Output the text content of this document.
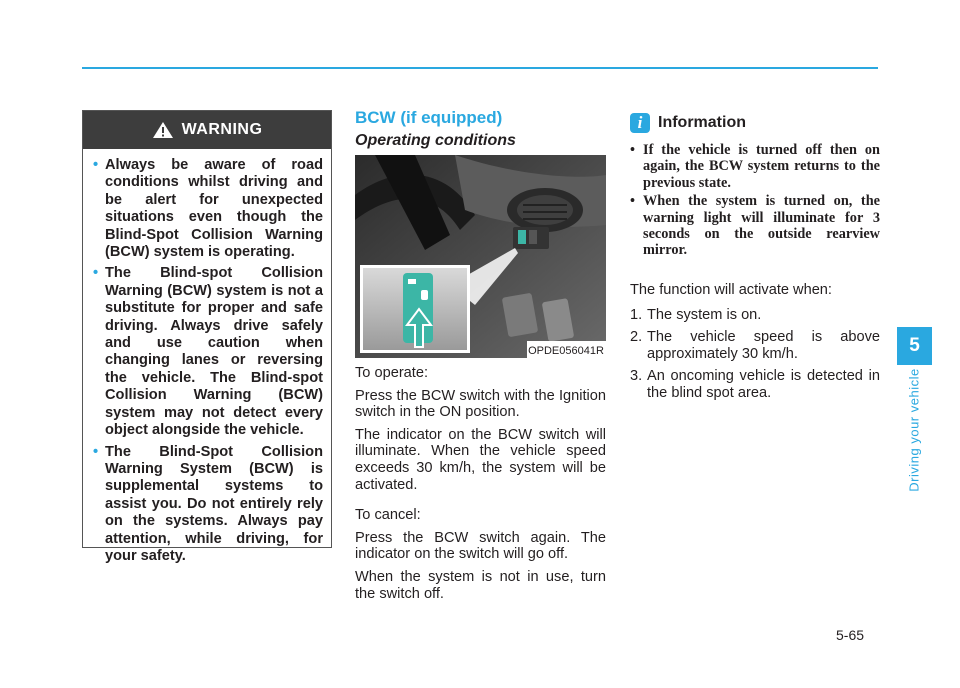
WARNING
• Always be aware of road conditions whilst driving and be alert for unexpected situations even though the Blind-Spot Collision Warning (BCW) system is operating.
• The Blind-spot Collision Warning (BCW) system is not a substitute for proper and safe driving. Always drive safely and use caution when changing lanes or reversing the vehicle. The Blind-spot Collision Warning (BCW) system may not detect every object alongside the vehicle.
• The Blind-Spot Collision Warning System (BCW) is supplemental systems to assist you. Do not entirely rely on the systems. Always pay attention, while driving, for your safety.
BCW (if equipped)
Operating conditions
OPDE056041R

To operate:

Press the BCW switch with the Ignition switch in the ON position.

The indicator on the BCW switch will illuminate. When the vehicle speed exceeds 30 km/h, the system will be activated.

To cancel:

Press the BCW switch again. The indicator on the switch will go off.

When the system is not in use, turn the switch off.

i Information
• If the vehicle is turned off then on again, the BCW system returns to the previous state.
• When the system is turned on, the warning light will illuminate for 3 seconds on the outside rearview mirror.

The function will activate when:

1. The system is on.
2. The vehicle speed is above approximately 30 km/h.
3. An oncoming vehicle is detected in the blind spot area.
5
Driving your vehicle
5-65
